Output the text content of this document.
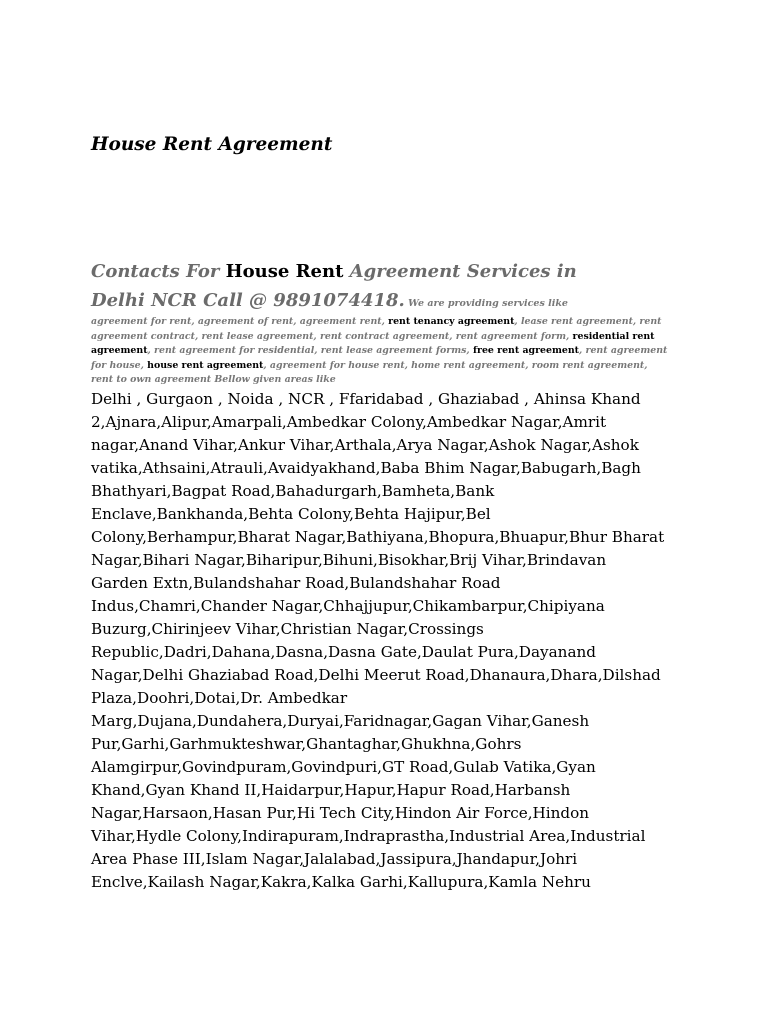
House Rent Agreement
Contacts For House Rent Agreement Services in
Delhi NCR Call @ 9891074418. We are providing services like

agreement for rent, agreement of rent, agreement rent, rent tenancy agreement, lease rent agreement, rent agreement contract, rent lease agreement, rent contract agreement, rent agreement form, residential rent agreement, rent agreement for residential, rent lease agreement forms, free rent agreement, rent agreement for house, house rent agreement, agreement for house rent, home rent agreement, room rent agreement, rent to own agreement Bellow given areas like

Delhi , Gurgaon , Noida , NCR , Ffaridabad , Ghaziabad , Ahinsa Khand
2,Ajnara,Alipur,Amarpali,Ambedkar Colony,Ambedkar Nagar,Amrit
nagar,Anand Vihar,Ankur Vihar,Arthala,Arya Nagar,Ashok Nagar,Ashok
vatika,Athsaini,Atrauli,Avaidyakhand,Baba Bhim Nagar,Babugarh,Bagh
Bhathyari,Bagpat Road,Bahadurgarh,Bamheta,Bank
Enclave,Bankhanda,Behta Colony,Behta Hajipur,Bel
Colony,Berhampur,Bharat Nagar,Bathiyana,Bhopura,Bhuapur,Bhur Bharat
Nagar,Bihari Nagar,Biharipur,Bihuni,Bisokhar,Brij Vihar,Brindavan
Garden Extn,Bulandshahar Road,Bulandshahar Road
Indus,Chamri,Chander Nagar,Chhajjupur,Chikambarpur,Chipiyana
Buzurg,Chirinjeev Vihar,Christian Nagar,Crossings
Republic,Dadri,Dahana,Dasna,Dasna Gate,Daulat Pura,Dayanand
Nagar,Delhi Ghaziabad Road,Delhi Meerut Road,Dhanaura,Dhara,Dilshad
Plaza,Doohri,Dotai,Dr. Ambedkar
Marg,Dujana,Dundahera,Duryai,Faridnagar,Gagan Vihar,Ganesh
Pur,Garhi,Garhmukteshwar,Ghantaghar,Ghukhna,Gohrs
Alamgirpur,Govindpuram,Govindpuri,GT Road,Gulab Vatika,Gyan
Khand,Gyan Khand II,Haidarpur,Hapur,Hapur Road,Harbansh
Nagar,Harsaon,Hasan Pur,Hi Tech City,Hindon Air Force,Hindon
Vihar,Hydle Colony,Indirapuram,Indraprastha,Industrial Area,Industrial
Area Phase III,Islam Nagar,Jalalabad,Jassipura,Jhandapur,Johri
Enclve,Kailash Nagar,Kakra,Kalka Garhi,Kallupura,Kamla Nehru
